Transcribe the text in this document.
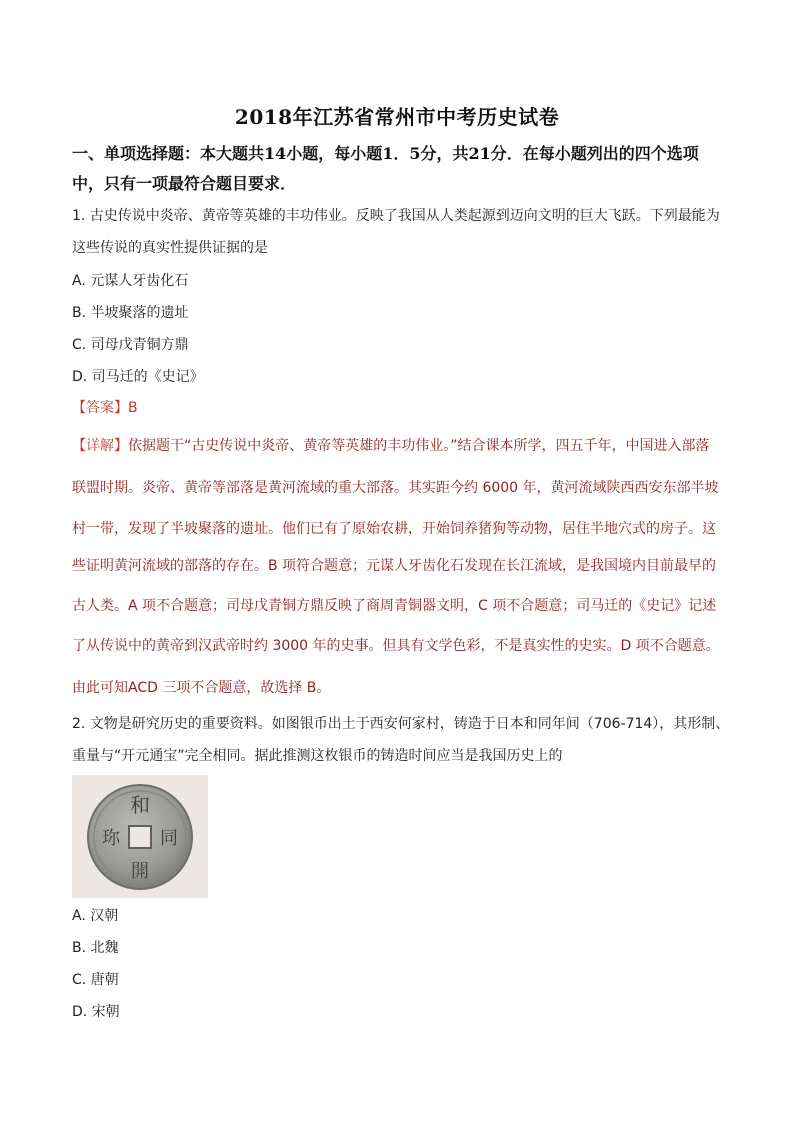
2018年江苏省常州市中考历史试卷
一、单项选择题：本大题共14小题，每小题1．5分，共21分．在每小题列出的四个选项
中，只有一项最符合题目要求．
1. 古史传说中炎帝、黄帝等英雄的丰功伟业。反映了我国从人类起源到迈向文明的巨大飞跃。下列最能为
这些传说的真实性提供证据的是
A. 元谋人牙齿化石
B. 半坡聚落的遗址
C. 司母戊青铜方鼎
D. 司马迁的《史记》
【答案】B
【详解】依据题干“古史传说中炎帝、黄帝等英雄的丰功伟业。”结合课本所学，四五千年，中国进入部落
联盟时期。炎帝、黄帝等部落是黄河流域的重大部落。其实距今约 6000 年，黄河流域陕西西安东部半坡
村一带，发现了半坡聚落的遗址。他们已有了原始农耕，开始饲养猪狗等动物，居住半地穴式的房子。这
些证明黄河流域的部落的存在。B 项符合题意；元谋人牙齿化石发现在长江流域，是我国境内目前最早的
古人类。A 项不合题意；司母戊青铜方鼎反映了商周青铜器文明，C 项不合题意；司马迁的《史记》记述
了从传说中的黄帝到汉武帝时约 3000 年的史事。但具有文学色彩，不是真实性的史实。D 项不合题意。
由此可知ACD 三项不合题意，故选择 B。
2. 文物是研究历史的重要资料。如图银币出土于西安何家村，铸造于日本和同年间（706-714），其形制、
重量与“开元通宝”完全相同。据此推测这枚银币的铸造时间应当是我国历史上的
和
同
開
珎
A. 汉朝
B. 北魏
C. 唐朝
D. 宋朝
